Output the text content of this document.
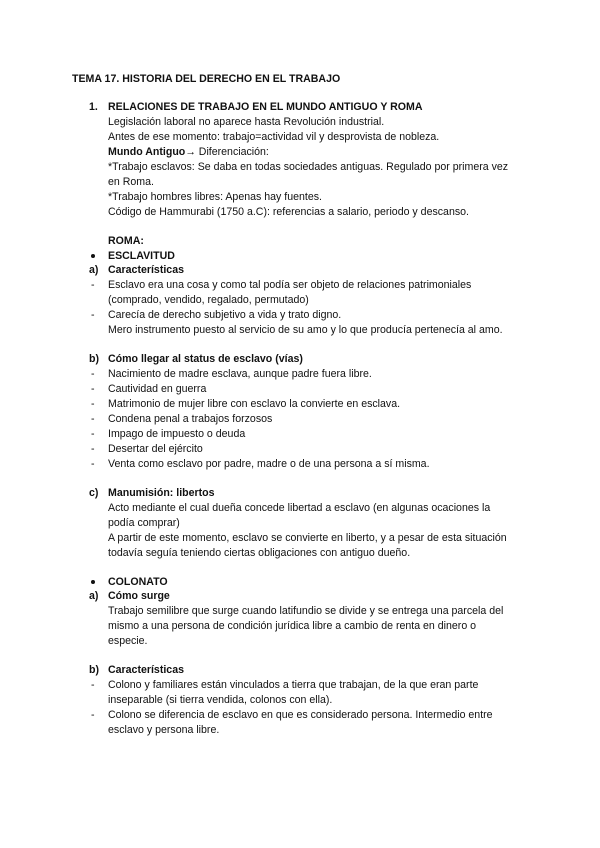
TEMA 17. HISTORIA DEL DERECHO EN EL TRABAJO
1. RELACIONES DE TRABAJO EN EL MUNDO ANTIGUO Y ROMA
Legislación laboral no aparece hasta Revolución industrial.
Antes de ese momento: trabajo=actividad vil y desprovista de nobleza.
Mundo Antiguo→ Diferenciación:
*Trabajo esclavos: Se daba en todas sociedades antiguas. Regulado por primera vez
en Roma.
*Trabajo hombres libres: Apenas hay fuentes.
Código de Hammurabi (1750 a.C): referencias a salario, periodo y descanso.
ROMA:
ESCLAVITUD
a) Características
- Esclavo era una cosa y como tal podía ser objeto de relaciones patrimoniales
(comprado, vendido, regalado, permutado)
- Carecía de derecho subjetivo a vida y trato digno.
Mero instrumento puesto al servicio de su amo y lo que producía pertenecía al amo.
b) Cómo llegar al status de esclavo (vías)
- Nacimiento de madre esclava, aunque padre fuera libre.
- Cautividad en guerra
- Matrimonio de mujer libre con esclavo la convierte en esclava.
- Condena penal a trabajos forzosos
- Impago de impuesto o deuda
- Desertar del ejército
- Venta como esclavo por padre, madre o de una persona a sí misma.
c) Manumisión: libertos
Acto mediante el cual dueña concede libertad a esclavo (en algunas ocaciones la
podía comprar)
A partir de este momento, esclavo se convierte en liberto, y a pesar de esta situación
todavía seguía teniendo ciertas obligaciones con antiguo dueño.
COLONATO
a) Cómo surge
Trabajo semilibre que surge cuando latifundio se divide y se entrega una parcela del
mismo a una persona de condición jurídica libre a cambio de renta en dinero o
especie.
b) Características
- Colono y familiares están vinculados a tierra que trabajan, de la que eran parte
inseparable (si tierra vendida, colonos con ella).
- Colono se diferencia de esclavo en que es considerado persona. Intermedio entre
esclavo y persona libre.
